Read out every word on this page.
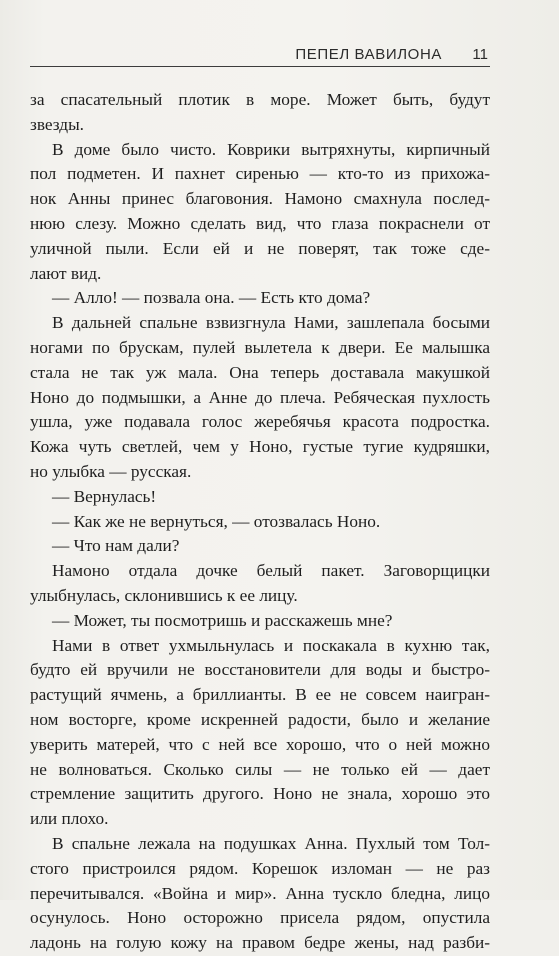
ПЕПЕЛ ВАВИЛОНА 11
за спасательный плотик в море. Может быть, будут
звезды.
В доме было чисто. Коврики вытряхнуты, кирпичный
пол подметен. И пахнет сиренью — кто-то из прихожа-
нок Анны принес благовония. Намоно смахнула послед-
нюю слезу. Можно сделать вид, что глаза покраснели от
уличной пыли. Если ей и не поверят, так тоже сде-
лают вид.
— Алло! — позвала она. — Есть кто дома?
В дальней спальне взвизгнула Нами, зашлепала босыми
ногами по брускам, пулей вылетела к двери. Ее малышка
стала не так уж мала. Она теперь доставала макушкой
Ноно до подмышки, а Анне до плеча. Ребяческая пухлость
ушла, уже подавала голос жеребячья красота подростка.
Кожа чуть светлей, чем у Ноно, густые тугие кудряшки,
но улыбка — русская.
— Вернулась!
— Как же не вернуться, — отозвалась Ноно.
— Что нам дали?
Намоно отдала дочке белый пакет. Заговорщицки
улыбнулась, склонившись к ее лицу.
— Может, ты посмотришь и расскажешь мне?
Нами в ответ ухмыльнулась и поскакала в кухню так,
будто ей вручили не восстановители для воды и быстро-
растущий ячмень, а бриллианты. В ее не совсем наигран-
ном восторге, кроме искренней радости, было и желание
уверить матерей, что с ней все хорошо, что о ней можно
не волноваться. Сколько силы — не только ей — дает
стремление защитить другого. Ноно не знала, хорошо это
или плохо.
В спальне лежала на подушках Анна. Пухлый том Тол-
стого пристроился рядом. Корешок изломан — не раз
перечитывался. «Война и мир». Анна тускло бледна, лицо
осунулось. Ноно осторожно присела рядом, опустила
ладонь на голую кожу на правом бедре жены, над разби-
